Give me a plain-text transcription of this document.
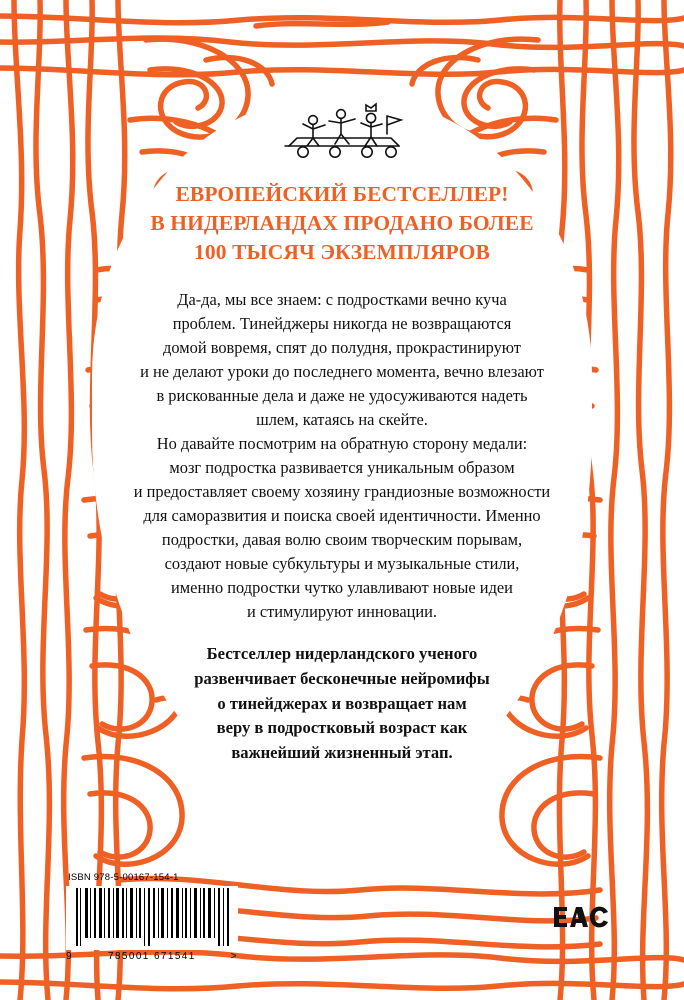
ЕВРОПЕЙСКИЙ БЕСТСЕЛЛЕР!
В НИДЕРЛАНДАХ ПРОДАНО БОЛЕЕ
100 ТЫСЯЧ ЭКЗЕМПЛЯРОВ
Да-да, мы все знаем: с подростками вечно куча
проблем. Тинейджеры никогда не возвращаются
домой вовремя, спят до полудня, прокрастинируют
и не делают уроки до последнего момента, вечно влезают
в рискованные дела и даже не удосуживаются надеть
шлем, катаясь на скейте.
Но давайте посмотрим на обратную сторону медали:
мозг подростка развивается уникальным образом
и предоставляет своему хозяину грандиозные возможности
для саморазвития и поиска своей идентичности. Именно
подростки, давая волю своим творческим порывам,
создают новые субкультуры и музыкальные стили,
именно подростки чутко улавливают новые идеи
и стимулируют инновации.
Бестселлер нидерландского ученого
развенчивает бесконечные нейромифы
о тинейджерах и возвращает нам
веру в подростковый возраст как
важнейший жизненный этап.
ISBN 978-5-00167-154-1
9	785001 671541	>
